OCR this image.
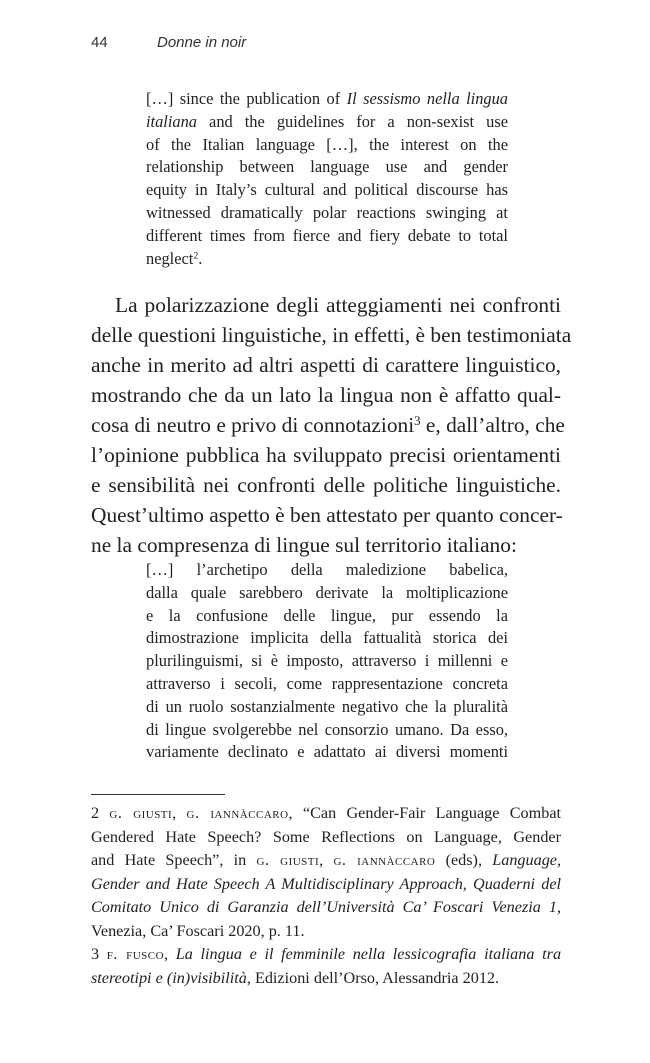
44	Donne in noir
[…] since the publication of Il sessismo nella lingua
italiana and the guidelines for a non-sexist use
of the Italian language […], the interest on the
relationship between language use and gender
equity in Italy’s cultural and political discourse has
witnessed dramatically polar reactions swinging at
different times from fierce and fiery debate to total
neglect$^2$.
La polarizzazione degli atteggiamenti nei confronti
delle questioni linguistiche, in effetti, è ben testimoniata
anche in merito ad altri aspetti di carattere linguistico,
mostrando che da un lato la lingua non è affatto qual-
cosa di neutro e privo di connotazioni$^3$ e, dall’altro, che
l’opinione pubblica ha sviluppato precisi orientamenti
e sensibilità nei confronti delle politiche linguistiche.
Quest’ultimo aspetto è ben attestato per quanto concer-
ne la compresenza di lingue sul territorio italiano:
[…] l’archetipo della maledizione babelica,
dalla quale sarebbero derivate la moltiplicazione
e la confusione delle lingue, pur essendo la
dimostrazione implicita della fattualità storica dei
plurilinguismi, si è imposto, attraverso i millenni e
attraverso i secoli, come rappresentazione concreta
di un ruolo sostanzialmente negativo che la pluralità
di lingue svolgerebbe nel consorzio umano. Da esso,
variamente declinato e adattato ai diversi momenti
2 g. giusti, g. iannàccaro, “Can Gender-Fair Language Combat
Gendered Hate Speech? Some Reflections on Language, Gender
and Hate Speech”, in g. giusti, g. iannàccaro (eds), Language,
Gender and Hate Speech A Multidisciplinary Approach, Quaderni del
Comitato Unico di Garanzia dell’Università Ca’ Foscari Venezia 1,
Venezia, Ca’ Foscari 2020, p. 11.
3 f. fusco, La lingua e il femminile nella lessicografia italiana tra
stereotipi e (in)visibilità, Edizioni dell’Orso, Alessandria 2012.
